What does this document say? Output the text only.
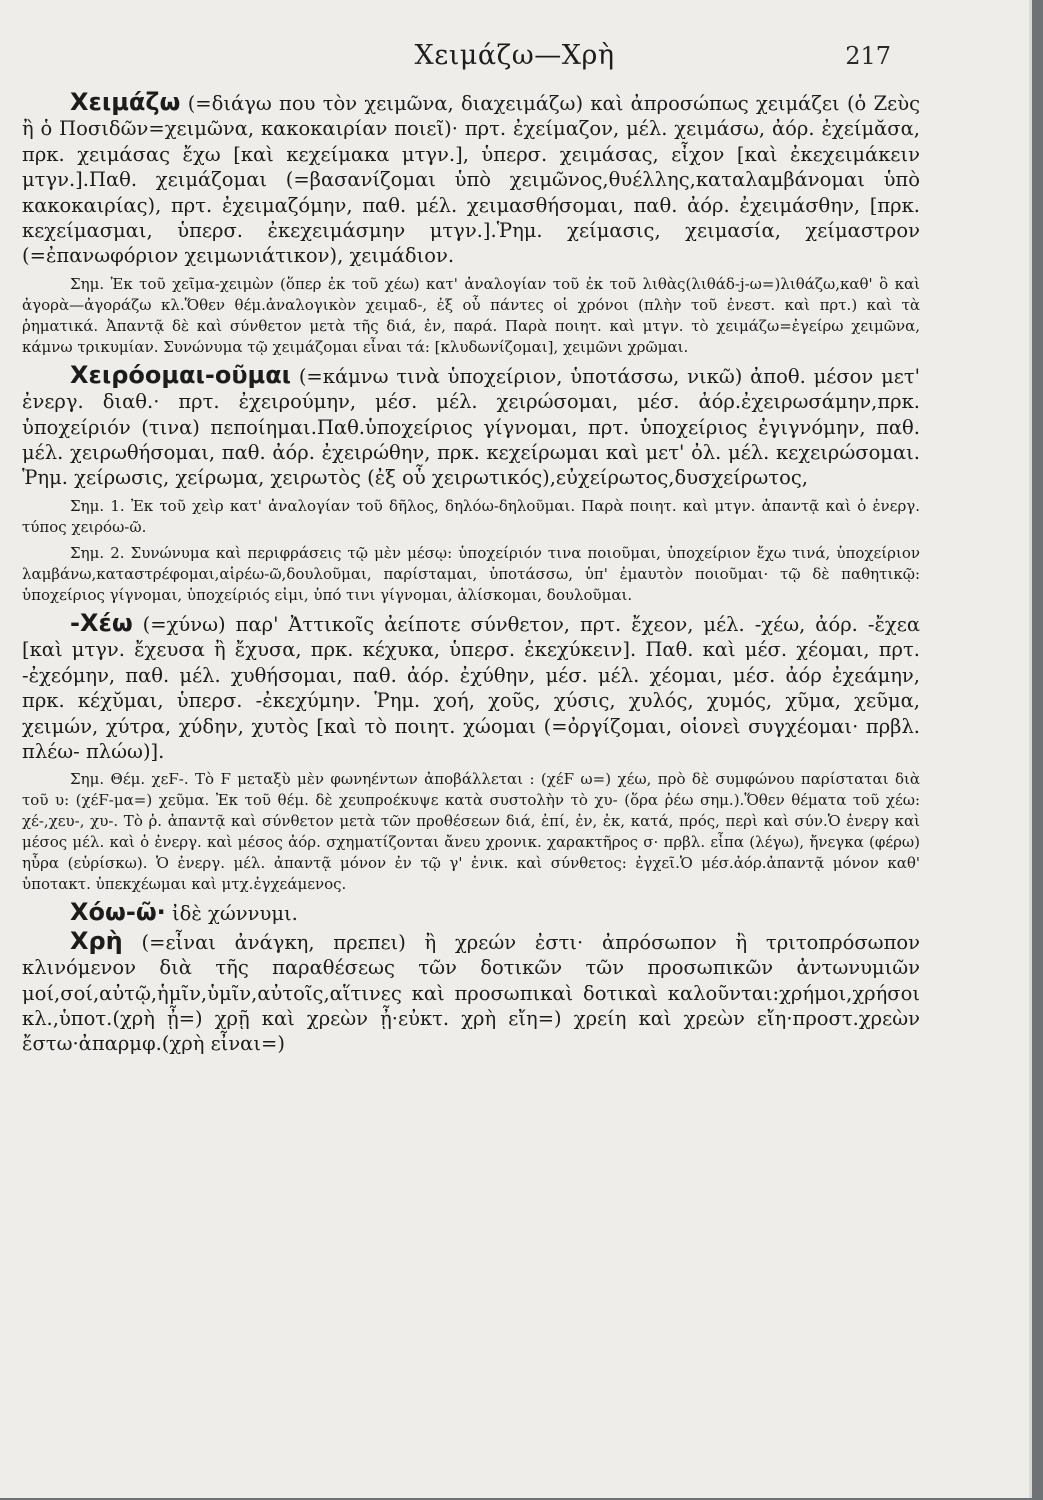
Χειμάζω—Χρὴ	217

Χειμάζω (=διάγω που τὸν χειμῶνα, διαχειμάζω) καὶ ἀπροσώπως χειμάζει (ὁ Ζεὺς ἢ ὁ Ποσιδῶν=χειμῶνα, κακοκαιρίαν ποιεῖ)· πρτ. ἐχείμαζον, μέλ. χειμάσω, ἀόρ. ἐχείμᾰσα, πρκ. χειμάσας ἔχω [καὶ κεχείμακα μτγν.], ὑπερσ. χειμάσας, εἶχον [καὶ ἐκεχειμάκειν μτγν.].Παθ. χειμάζομαι (=βασανίζομαι ὑπὸ χειμῶνος,θυέλλης,καταλαμβάνομαι ὑπὸ κακοκαιρίας), πρτ. ἐχειμαζόμην, παθ. μέλ. χειμασθήσομαι, παθ. ἀόρ. ἐχειμάσθην, [πρκ. κεχείμασμαι, ὑπερσ. ἐκεχειμάσμην μτγν.].Ῥημ. χείμασις, χειμασία, χείμαστρον (=ἐπανωφόριον χειμωνιάτικον), χειμάδιον.

Σημ. Ἐκ τοῦ χεῖμα-χειμὼν (ὅπερ ἐκ τοῦ χέω) κατ' ἀναλογίαν τοῦ ἐκ τοῦ λιθὰς(λιθάδ-j-ω=)λιθάζω,καθ' ὃ καὶ ἀγορὰ—ἀγοράζω κλ.Ὅθεν θέμ.ἀναλογικὸν χειμαδ-, ἐξ οὗ πάντες οἱ χρόνοι (πλὴν τοῦ ἐνεστ. καὶ πρτ.) καὶ τὰ ῥηματικά. Ἀπαντᾷ δὲ καὶ σύνθετον μετὰ τῆς διά, ἐν, παρά. Παρὰ ποιητ. καὶ μτγν. τὸ χειμάζω=ἐγείρω χειμῶνα, κάμνω τρικυμίαν. Συνώνυμα τῷ χειμάζομαι εἶναι τά: [κλυδωνίζομαι], χειμῶνι χρῶμαι.

Χειρόομαι-οῦμαι (=κάμνω τινὰ ὑποχείριον, ὑποτάσσω, νικῶ) ἀποθ. μέσον μετ' ἐνεργ. διαθ.· πρτ. ἐχειρούμην, μέσ. μέλ. χειρώσομαι, μέσ. ἀόρ.ἐχειρωσάμην,πρκ. ὑποχείριόν (τινα) πεποίημαι.Παθ.ὑποχείριος γίγνομαι, πρτ. ὑποχείριος ἐγιγνόμην, παθ. μέλ. χειρωθήσομαι, παθ. ἀόρ. ἐχειρώθην, πρκ. κεχείρωμαι καὶ μετ' ὀλ. μέλ. κεχειρώσομαι. Ῥημ. χείρωσις, χείρωμα, χειρωτὸς (ἐξ οὗ χειρωτικός),εὐχείρωτος,δυσχείρωτος,

Σημ. 1. Ἐκ τοῦ χεὶρ κατ' ἀναλογίαν τοῦ δῆλος, δηλόω-δηλοῦμαι. Παρὰ ποιητ. καὶ μτγν. ἀπαντᾷ καὶ ὁ ἐνεργ. τύπος χειρόω-ῶ.

Σημ. 2. Συνώνυμα καὶ περιφράσεις τῷ μὲν μέσῳ: ὑποχείριόν τινα ποιοῦμαι, ὑποχείριον ἔχω τινά, ὑποχείριον λαμβάνω,καταστρέφομαι,αἱρέω-ῶ,δουλοῦμαι, παρίσταμαι, ὑποτάσσω, ὑπ' ἐμαυτὸν ποιοῦμαι· τῷ δὲ παθητικῷ: ὑποχείριος γίγνομαι, ὑποχείριός εἰμι, ὑπό τινι γίγνομαι, ἁλίσκομαι, δουλοῦμαι.

-Χέω (=χύνω) παρ' Ἀττικοῖς ἀείποτε σύνθετον, πρτ. ἔχεον, μέλ. -χέω, ἀόρ. -ἔχεα [καὶ μτγν. ἔχευσα ἢ ἔχυσα, πρκ. κέχυκα, ὑπερσ. ἐκεχύκειν]. Παθ. καὶ μέσ. χέομαι, πρτ. -ἐχεόμην, παθ. μέλ. χυθήσομαι, παθ. ἀόρ. ἐχύθην, μέσ. μέλ. χέομαι, μέσ. ἀόρ ἐχεάμην, πρκ. κέχῠμαι, ὑπερσ. -ἐκεχύμην. Ῥημ. χοή, χοῦς, χύσις, χυλός, χυμός, χῦμα, χεῦμα, χειμών, χύτρα, χύδην, χυτὸς [καὶ τὸ ποιητ. χώομαι (=ὀργίζομαι, οἱονεὶ συγχέομαι· πρβλ. πλέω- πλώω)].

Σημ. Θέμ. χεϜ-. Τὸ Ϝ μεταξὺ μὲν φωνηέντων ἀποβάλλεται : (χέϜ ω=) χέω, πρὸ δὲ συμφώνου παρίσταται διὰ τοῦ υ: (χέϜ-μα=) χεῦμα. Ἐκ τοῦ θέμ. δὲ χευπροέκυψε κατὰ συστολὴν τὸ χυ- (ὅρα ῥέω σημ.).Ὅθεν θέματα τοῦ χέω: χέ-,χευ-, χυ-. Τὸ ῥ. ἀπαντᾷ καὶ σύνθετον μετὰ τῶν προθέσεων διά, ἐπί, ἐν, ἐκ, κατά, πρός, περὶ καὶ σύν.Ὁ ἐνεργ καὶ μέσος μέλ. καὶ ὁ ἐνεργ. καὶ μέσος ἀόρ. σχηματίζονται ἄνευ χρονικ. χαρακτῆρος σ· πρβλ. εἶπα (λέγω), ἤνεγκα (φέρω) ηὗρα (εὑρίσκω). Ὁ ἐνεργ. μέλ. ἀπαντᾷ μόνον ἐν τῷ γ' ἑνικ. καὶ σύνθετος: ἐγχεῖ.Ὁ μέσ.ἀόρ.ἀπαντᾷ μόνον καθ' ὑποτακτ. ὑπεκχέωμαι καὶ μτχ.ἐγχεάμενος.

Χόω-ῶ· ἰδὲ χώννυμι.

Χρὴ (=εἶναι ἀνάγκη, πρεπει) ἢ χρεών ἐστι· ἀπρόσωπον ἢ τριτοπρόσωπον κλινόμενον διὰ τῆς παραθέσεως τῶν δοτικῶν τῶν προσωπικῶν ἀντωνυμιῶν μοί,σοί,αὐτῷ,ἡμῖν,ὑμῖν,αὐτοῖς,αἵτινες καὶ προσωπικαὶ δοτικαὶ καλοῦνται:χρήμοι,χρήσοι κλ.,ὑποτ.(χρὴ ᾖ=) χρῇ καὶ χρεὼν ᾖ·εὐκτ. χρὴ εἴη=) χρείη καὶ χρεὼν εἴη·προστ.χρεὼν ἔστω·ἀπαρμφ.(χρὴ εἶναι=)
